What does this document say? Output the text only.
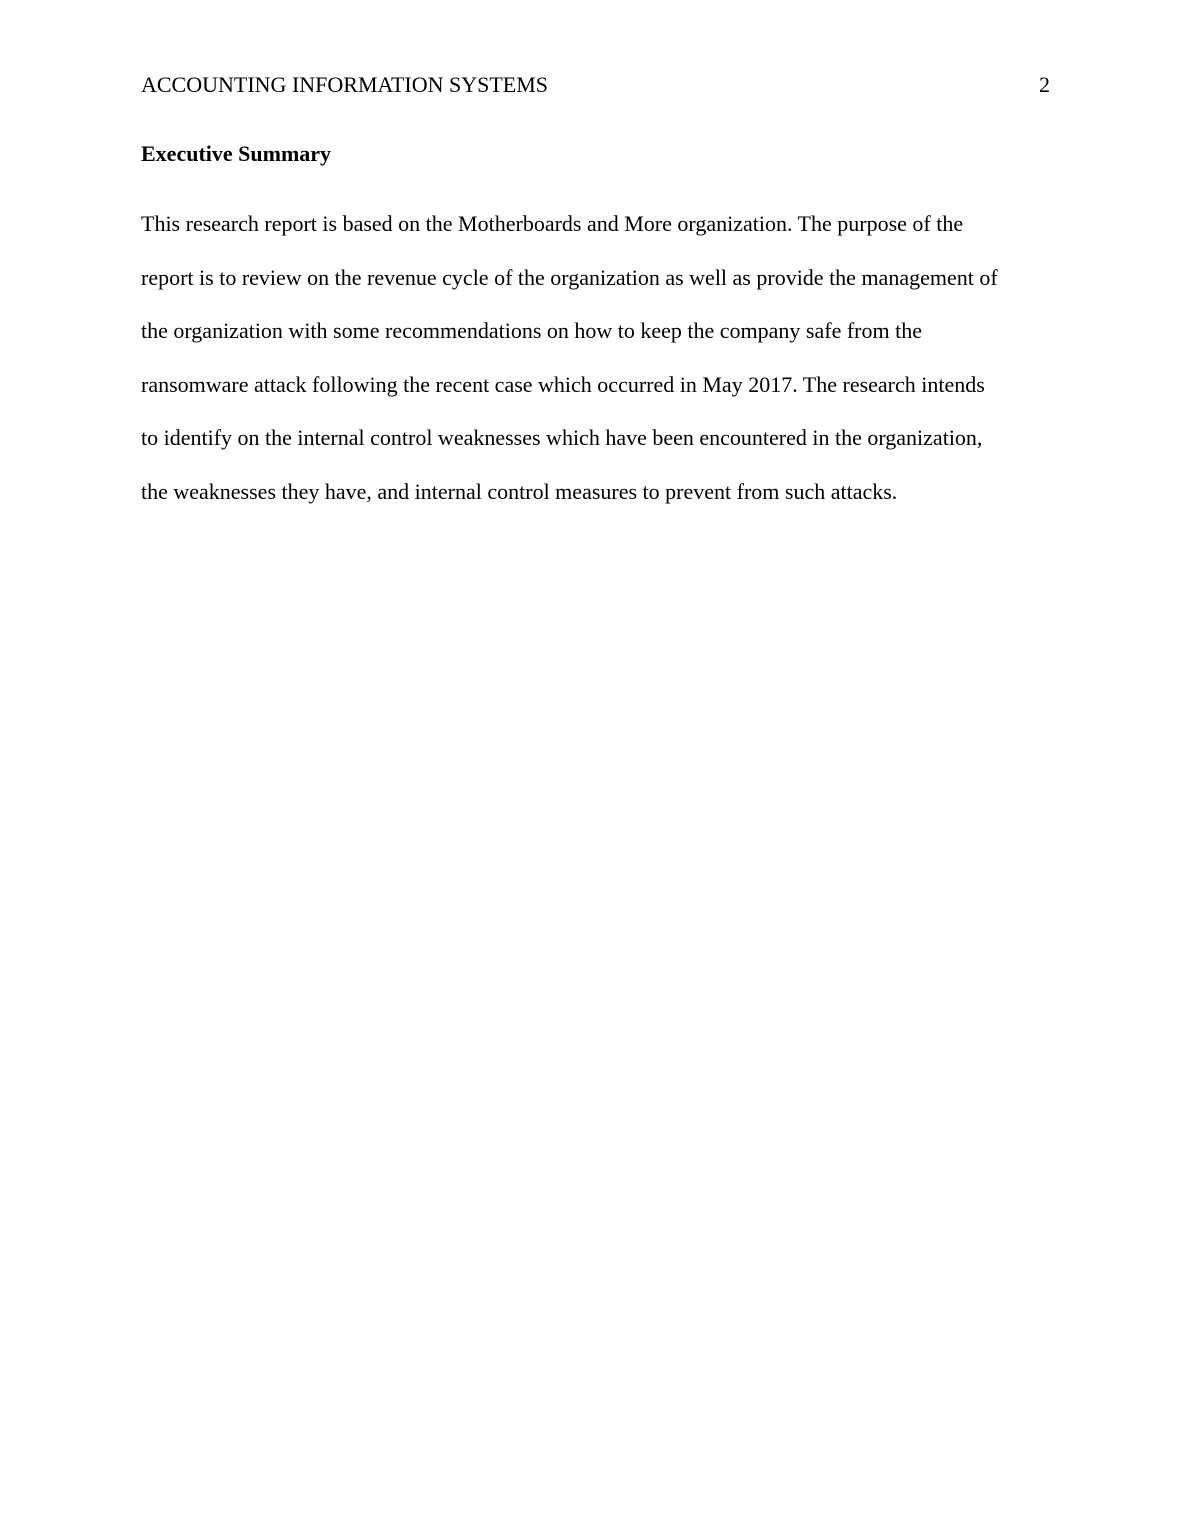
ACCOUNTING INFORMATION SYSTEMS	2
Executive Summary
This research report is based on the Motherboards and More organization. The purpose of the
report is to review on the revenue cycle of the organization as well as provide the management of
the organization with some recommendations on how to keep the company safe from the
ransomware attack following the recent case which occurred in May 2017. The research intends
to identify on the internal control weaknesses which have been encountered in the organization,
the weaknesses they have, and internal control measures to prevent from such attacks.
